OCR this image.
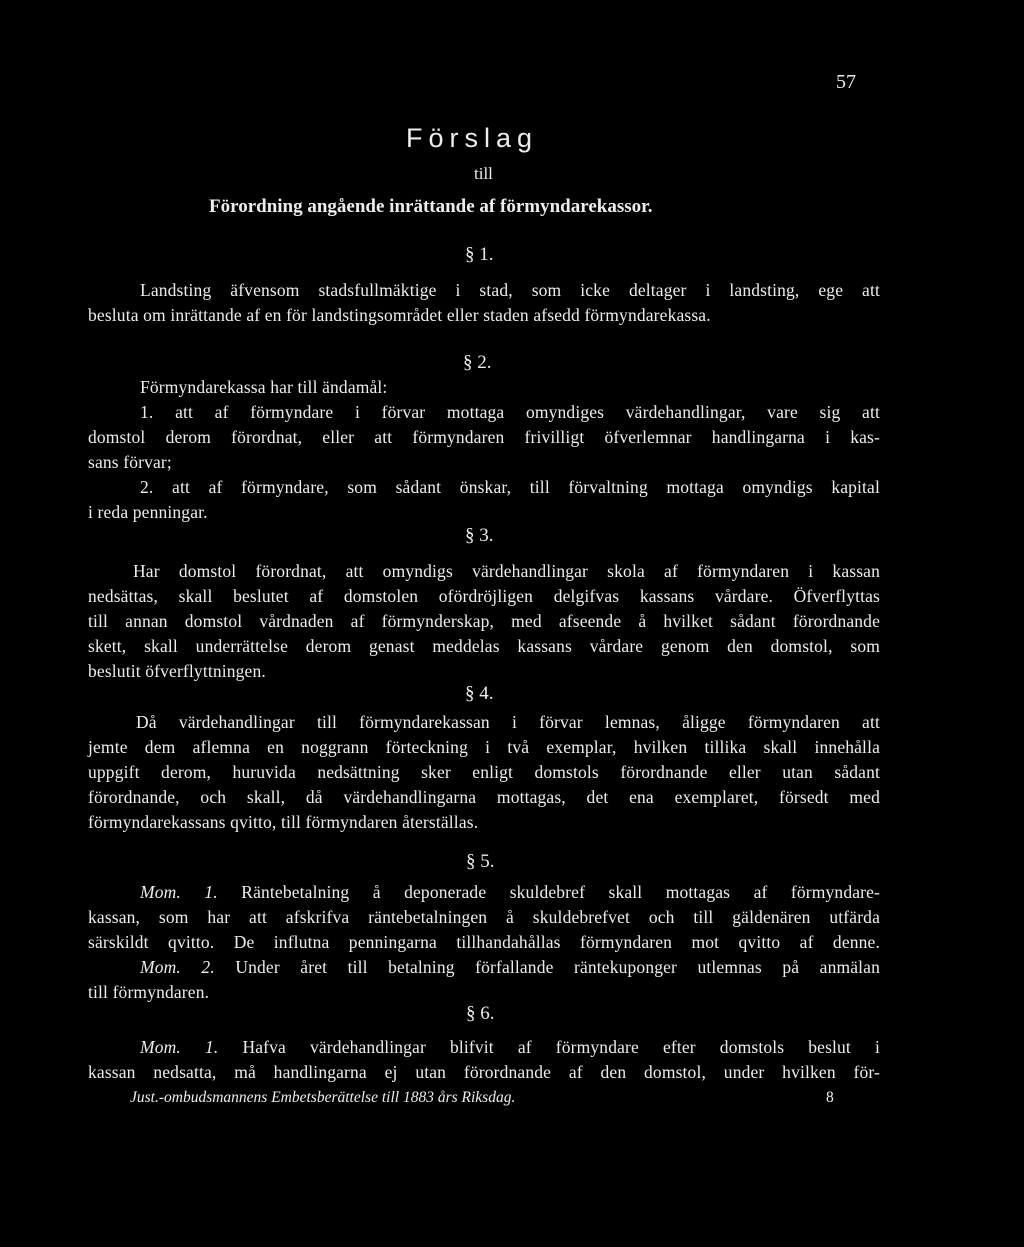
57
Förslag
till
Förordning angående inrättande af förmyndarekassor.
§ 1.
Landsting äfvensom stadsfullmäktige i stad, som icke deltager i landsting, ege att
besluta om inrättande af en för landstingsområdet eller staden afsedd förmyndarekassa.
§ 2.
Förmyndarekassa har till ändamål:
1. att af förmyndare i förvar mottaga omyndiges värdehandlingar, vare sig att
domstol derom förordnat, eller att förmyndaren frivilligt öfverlemnar handlingarna i kas-
sans förvar;
2. att af förmyndare, som sådant önskar, till förvaltning mottaga omyndigs kapital
i reda penningar.
§ 3.
Har domstol förordnat, att omyndigs värdehandlingar skola af förmyndaren i kassan
nedsättas, skall beslutet af domstolen ofördröjligen delgifvas kassans vårdare. Öfverflyttas
till annan domstol vårdnaden af förmynderskap, med afseende å hvilket sådant förordnande
skett, skall underrättelse derom genast meddelas kassans vårdare genom den domstol, som
beslutit öfverflyttningen.
§ 4.
Då värdehandlingar till förmyndarekassan i förvar lemnas, åligge förmyndaren att
jemte dem aflemna en noggrann förteckning i två exemplar, hvilken tillika skall innehålla
uppgift derom, huruvida nedsättning sker enligt domstols förordnande eller utan sådant
förordnande, och skall, då värdehandlingarna mottagas, det ena exemplaret, försedt med
förmyndarekassans qvitto, till förmyndaren återställas.
§ 5.
Mom. 1. Räntebetalning å deponerade skuldebref skall mottagas af förmyndare-
kassan, som har att afskrifva räntebetalningen å skuldebrefvet och till gäldenären utfärda
särskildt qvitto. De influtna penningarna tillhandahållas förmyndaren mot qvitto af denne.
Mom. 2. Under året till betalning förfallande räntekuponger utlemnas på anmälan
till förmyndaren.
§ 6.
Mom. 1. Hafva värdehandlingar blifvit af förmyndare efter domstols beslut i
kassan nedsatta, må handlingarna ej utan förordnande af den domstol, under hvilken för-
Just.-ombudsmannens Embetsberättelse till 1883 års Riksdag.	8
